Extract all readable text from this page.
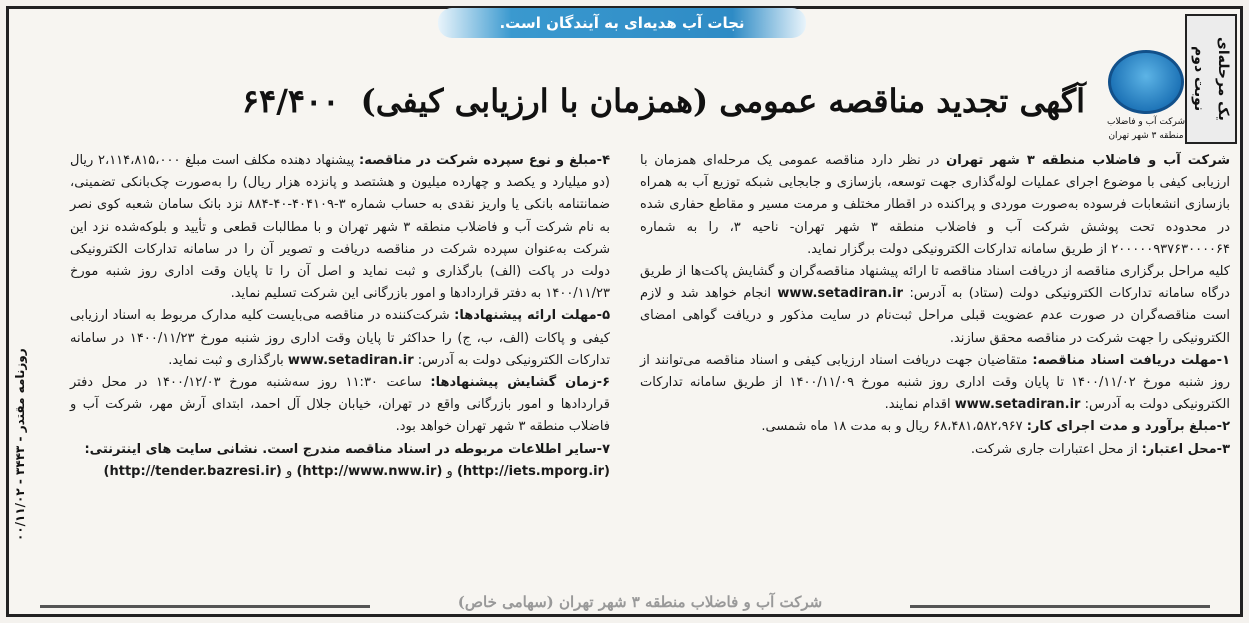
نجات آب هدیه‌ای به آیندگان است.
نوبت دوم یک مرحله‌ای
شرکت آب و فاضلاب
منطقه ۳ شهر تهران
آگهی تجدید مناقصه عمومی (همزمان با ارزیابی کیفی) ۶۴/۴۰۰

شرکت آب و فاضلاب منطقه ۳ شهر تهران در نظر دارد مناقصه عمومی یک مرحله‌ای همزمان با ارزیابی کیفی با موضوع اجرای عملیات لوله‌گذاری جهت توسعه، بازسازی و جابجایی شبکه توزیع آب به همراه بازسازی انشعابات فرسوده به‌صورت موردی و پراکنده در اقطار مختلف و مرمت مسیر و مقاطع حفاری شده در محدوده تحت پوشش شرکت آب و فاضلاب منطقه ۳ شهر تهران- ناحیه ۳، را به شماره ۲۰۰۰۰۰۹۳۷۶۳۰۰۰۰۶۴ از طریق سامانه تدارکات الکترونیکی دولت برگزار نماید.

کلیه مراحل برگزاری مناقصه از دریافت اسناد مناقصه تا ارائه پیشنهاد مناقصه‌گران و گشایش پاکت‌ها از طریق درگاه سامانه تدارکات الکترونیکی دولت (ستاد) به آدرس: www.setadiran.ir انجام خواهد شد و لازم است مناقصه‌گران در صورت عدم عضویت قبلی مراحل ثبت‌نام در سایت مذکور و دریافت گواهی امضای الکترونیکی را جهت شرکت در مناقصه محقق سازند.

۱-مهلت دریافت اسناد مناقصه: متقاضیان جهت دریافت اسناد ارزیابی کیفی و اسناد مناقصه می‌توانند از روز شنبه مورخ ۱۴۰۰/۱۱/۰۲ تا پایان وقت اداری روز شنبه مورخ ۱۴۰۰/۱۱/۰۹ از طریق سامانه تدارکات الکترونیکی دولت به آدرس: www.setadiran.ir اقدام نمایند.

۲-مبلغ برآورد و مدت اجرای کار: ۶۸،۴۸۱،۵۸۲،۹۶۷ ریال و به مدت ۱۸ ماه شمسی.

۳-محل اعتبار: از محل اعتبارات جاری شرکت.

۴-مبلغ و نوع سپرده شرکت در مناقصه: پیشنهاد دهنده مکلف است مبلغ ۲،۱۱۴،۸۱۵،۰۰۰ ریال (دو میلیارد و یکصد و چهارده میلیون و هشتصد و پانزده هزار ریال) را به‌صورت چک‌بانکی تضمینی، ضمانتنامه بانکی یا واریز نقدی به حساب شماره ۳-۴۰۴۱۰۹-۴۰-۸۸۴ نزد بانک سامان شعبه کوی نصر به نام شرکت آب و فاضلاب منطقه ۳ شهر تهران و با مطالبات قطعی و تأیید و بلوکه‌شده نزد این شرکت به‌عنوان سپرده شرکت در مناقصه دریافت و تصویر آن را در سامانه تدارکات الکترونیکی دولت در پاکت (الف) بارگذاری و ثبت نماید و اصل آن را تا پایان وقت اداری روز شنبه مورخ ۱۴۰۰/۱۱/۲۳ به دفتر قراردادها و امور بازرگانی این شرکت تسلیم نماید.

۵-مهلت ارائه پیشنهادها: شرکت‌کننده در مناقصه می‌بایست کلیه مدارک مربوط به اسناد ارزیابی کیفی و پاکات (الف، ب، ج) را حداکثر تا پایان وقت اداری روز شنبه مورخ ۱۴۰۰/۱۱/۲۳ در سامانه تدارکات الکترونیکی دولت به آدرس: www.setadiran.ir بارگذاری و ثبت نماید.

۶-زمان گشایش پیشنهادها: ساعت ۱۱:۳۰ روز سه‌شنبه مورخ ۱۴۰۰/۱۲/۰۳ در محل دفتر قراردادها و امور بازرگانی واقع در تهران، خیابان جلال آل احمد، ابتدای آرش مهر، شرکت آب و فاضلاب منطقه ۳ شهر تهران خواهد بود.

۷-سایر اطلاعات مربوطه در اسناد مناقصه مندرج است. نشانی سایت های اینترنتی:

(http://iets.mporg.ir) و (http://www.nww.ir) و (http://tender.bazresi.ir)

روزنامه مقتدر - ۳۴۴۳ - ۰۰/۱۱/۰۲
شرکت آب و فاضلاب منطقه ۳ شهر تهران (سهامی خاص)
